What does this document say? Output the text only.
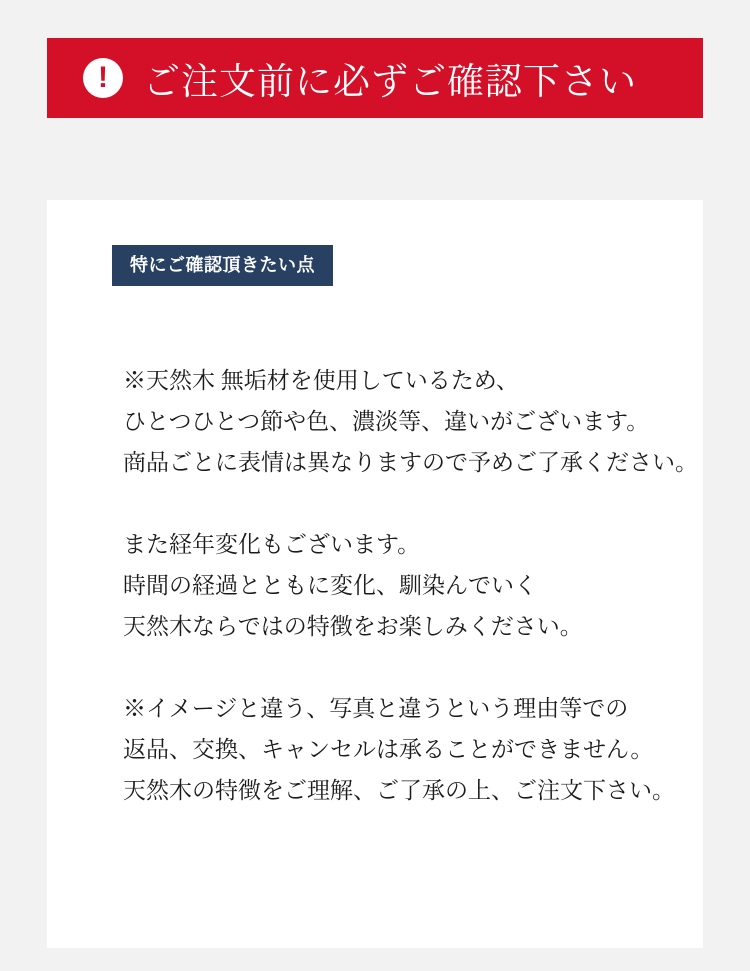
! ご注文前に必ずご確認下さい
特にご確認頂きたい点
※天然木 無垢材を使用しているため、
ひとつひとつ節や色、濃淡等、違いがございます。
商品ごとに表情は異なりますので予めご了承ください。
また経年変化もございます。
時間の経過とともに変化、馴染んでいく
天然木ならではの特徴をお楽しみください。
※イメージと違う、写真と違うという理由等での
返品、交換、キャンセルは承ることができません。
天然木の特徴をご理解、ご了承の上、ご注文下さい。
